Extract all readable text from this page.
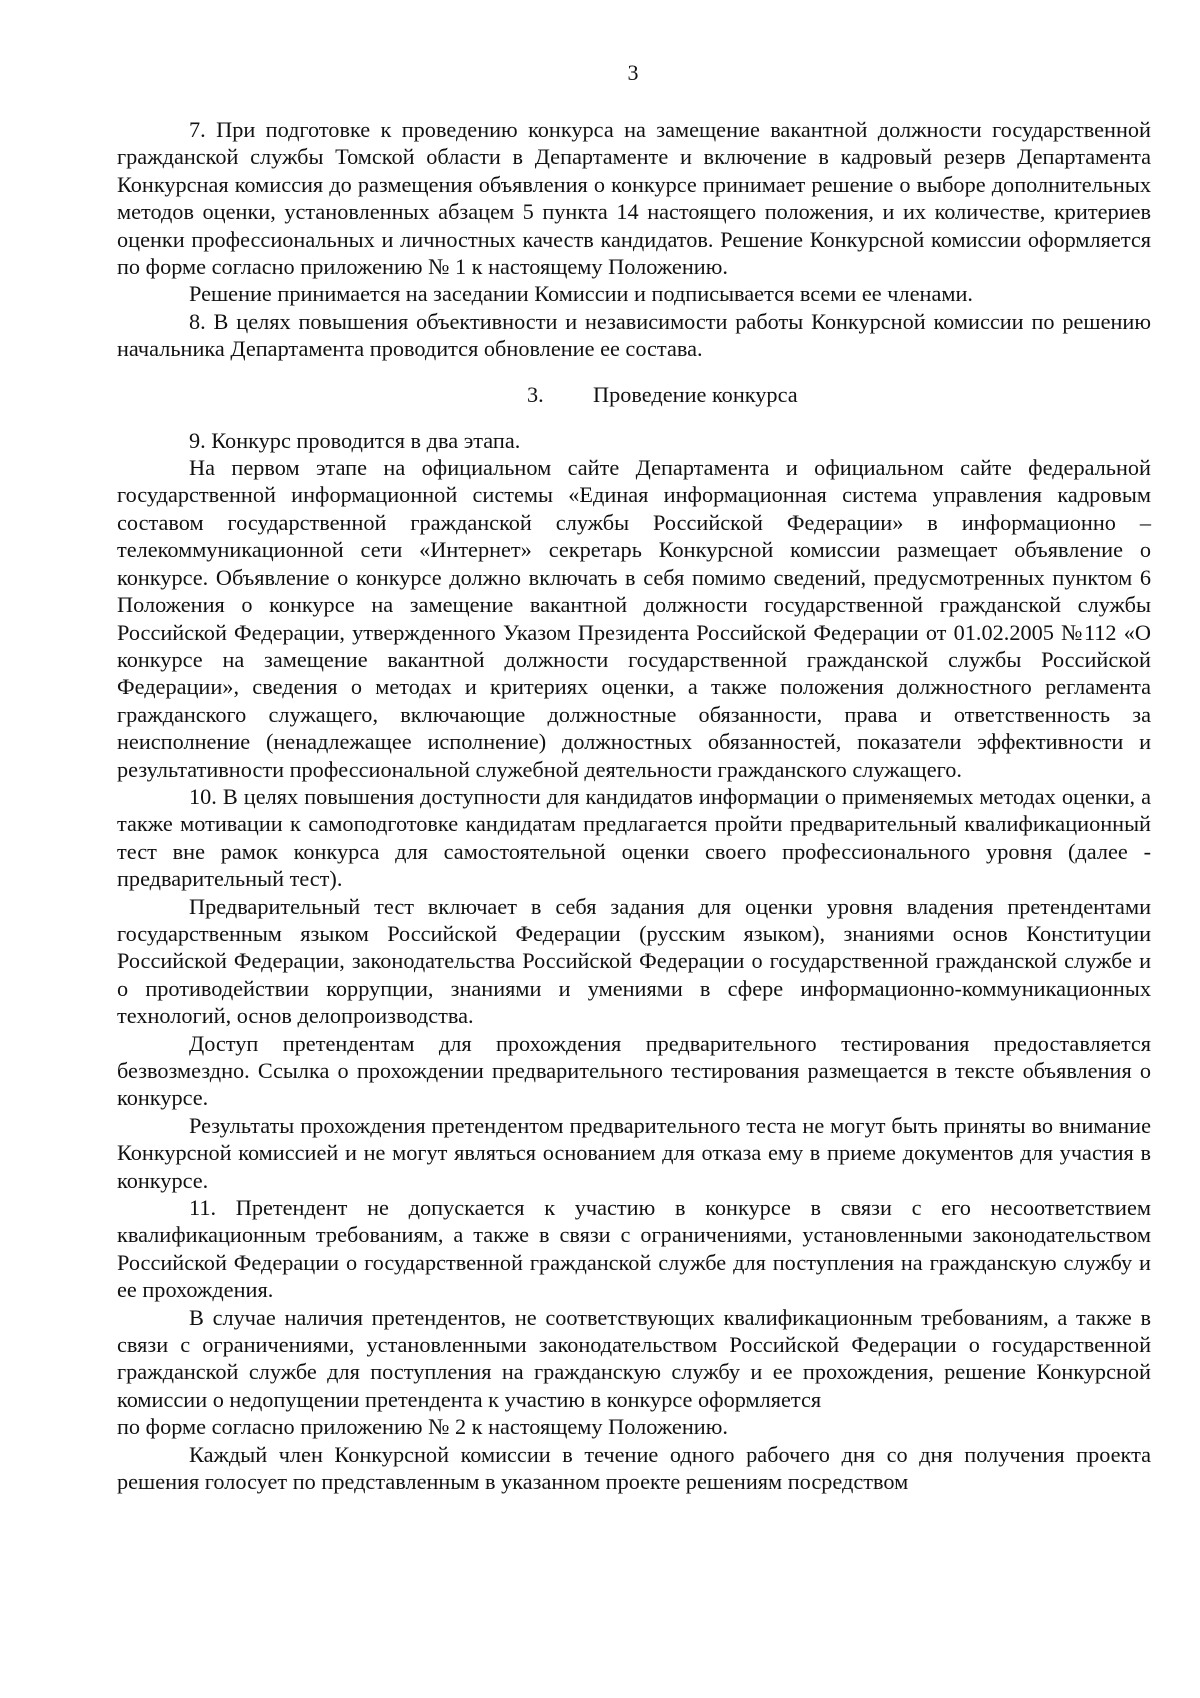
3

7. При подготовке к проведению конкурса на замещение вакантной должности государственной гражданской службы Томской области в Департаменте и включение в кадровый резерв Департамента Конкурсная комиссия до размещения объявления о конкурсе принимает решение о выборе дополнительных методов оценки, установленных абзацем 5 пункта 14 настоящего положения, и их количестве, критериев оценки профессиональных и личностных качеств кандидатов. Решение Конкурсной комиссии оформляется по форме согласно приложению № 1 к настоящему Положению.

Решение принимается на заседании Комиссии и подписывается всеми ее членами.

8. В целях повышения объективности и независимости работы Конкурсной комиссии по решению начальника Департамента проводится обновление ее состава.

3. Проведение конкурса

9. Конкурс проводится в два этапа.

На первом этапе на официальном сайте Департамента и официальном сайте федеральной государственной информационной системы «Единая информационная система управления кадровым составом государственной гражданской службы Российской Федерации» в информационно – телекоммуникационной сети «Интернет» секретарь Конкурсной комиссии размещает объявление о конкурсе. Объявление о конкурсе должно включать в себя помимо сведений, предусмотренных пунктом 6 Положения о конкурсе на замещение вакантной должности государственной гражданской службы Российской Федерации, утвержденного Указом Президента Российской Федерации от 01.02.2005 №112 «О конкурсе на замещение вакантной должности государственной гражданской службы Российской Федерации», сведения о методах и критериях оценки, а также положения должностного регламента гражданского служащего, включающие должностные обязанности, права и ответственность за неисполнение (ненадлежащее исполнение) должностных обязанностей, показатели эффективности и результативности профессиональной служебной деятельности гражданского служащего.

10. В целях повышения доступности для кандидатов информации о применяемых методах оценки, а также мотивации к самоподготовке кандидатам предлагается пройти предварительный квалификационный тест вне рамок конкурса для самостоятельной оценки своего профессионального уровня (далее - предварительный тест).

Предварительный тест включает в себя задания для оценки уровня владения претендентами государственным языком Российской Федерации (русским языком), знаниями основ Конституции Российской Федерации, законодательства Российской Федерации о государственной гражданской службе и о противодействии коррупции, знаниями и умениями в сфере информационно-коммуникационных технологий, основ делопроизводства.

Доступ претендентам для прохождения предварительного тестирования предоставляется безвозмездно. Ссылка о прохождении предварительного тестирования размещается в тексте объявления о конкурсе.

Результаты прохождения претендентом предварительного теста не могут быть приняты во внимание Конкурсной комиссией и не могут являться основанием для отказа ему в приеме документов для участия в конкурсе.

11. Претендент не допускается к участию в конкурсе в связи с его несоответствием квалификационным требованиям, а также в связи с ограничениями, установленными законодательством Российской Федерации о государственной гражданской службе для поступления на гражданскую службу и ее прохождения.

В случае наличия претендентов, не соответствующих квалификационным требованиям, а также в связи с ограничениями, установленными законодательством Российской Федерации о государственной гражданской службе для поступления на гражданскую службу и ее прохождения, решение Конкурсной комиссии о недопущении претендента к участию в конкурсе оформляется

по форме согласно приложению № 2 к настоящему Положению.

Каждый член Конкурсной комиссии в течение одного рабочего дня со дня получения проекта решения голосует по представленным в указанном проекте решениям посредством
